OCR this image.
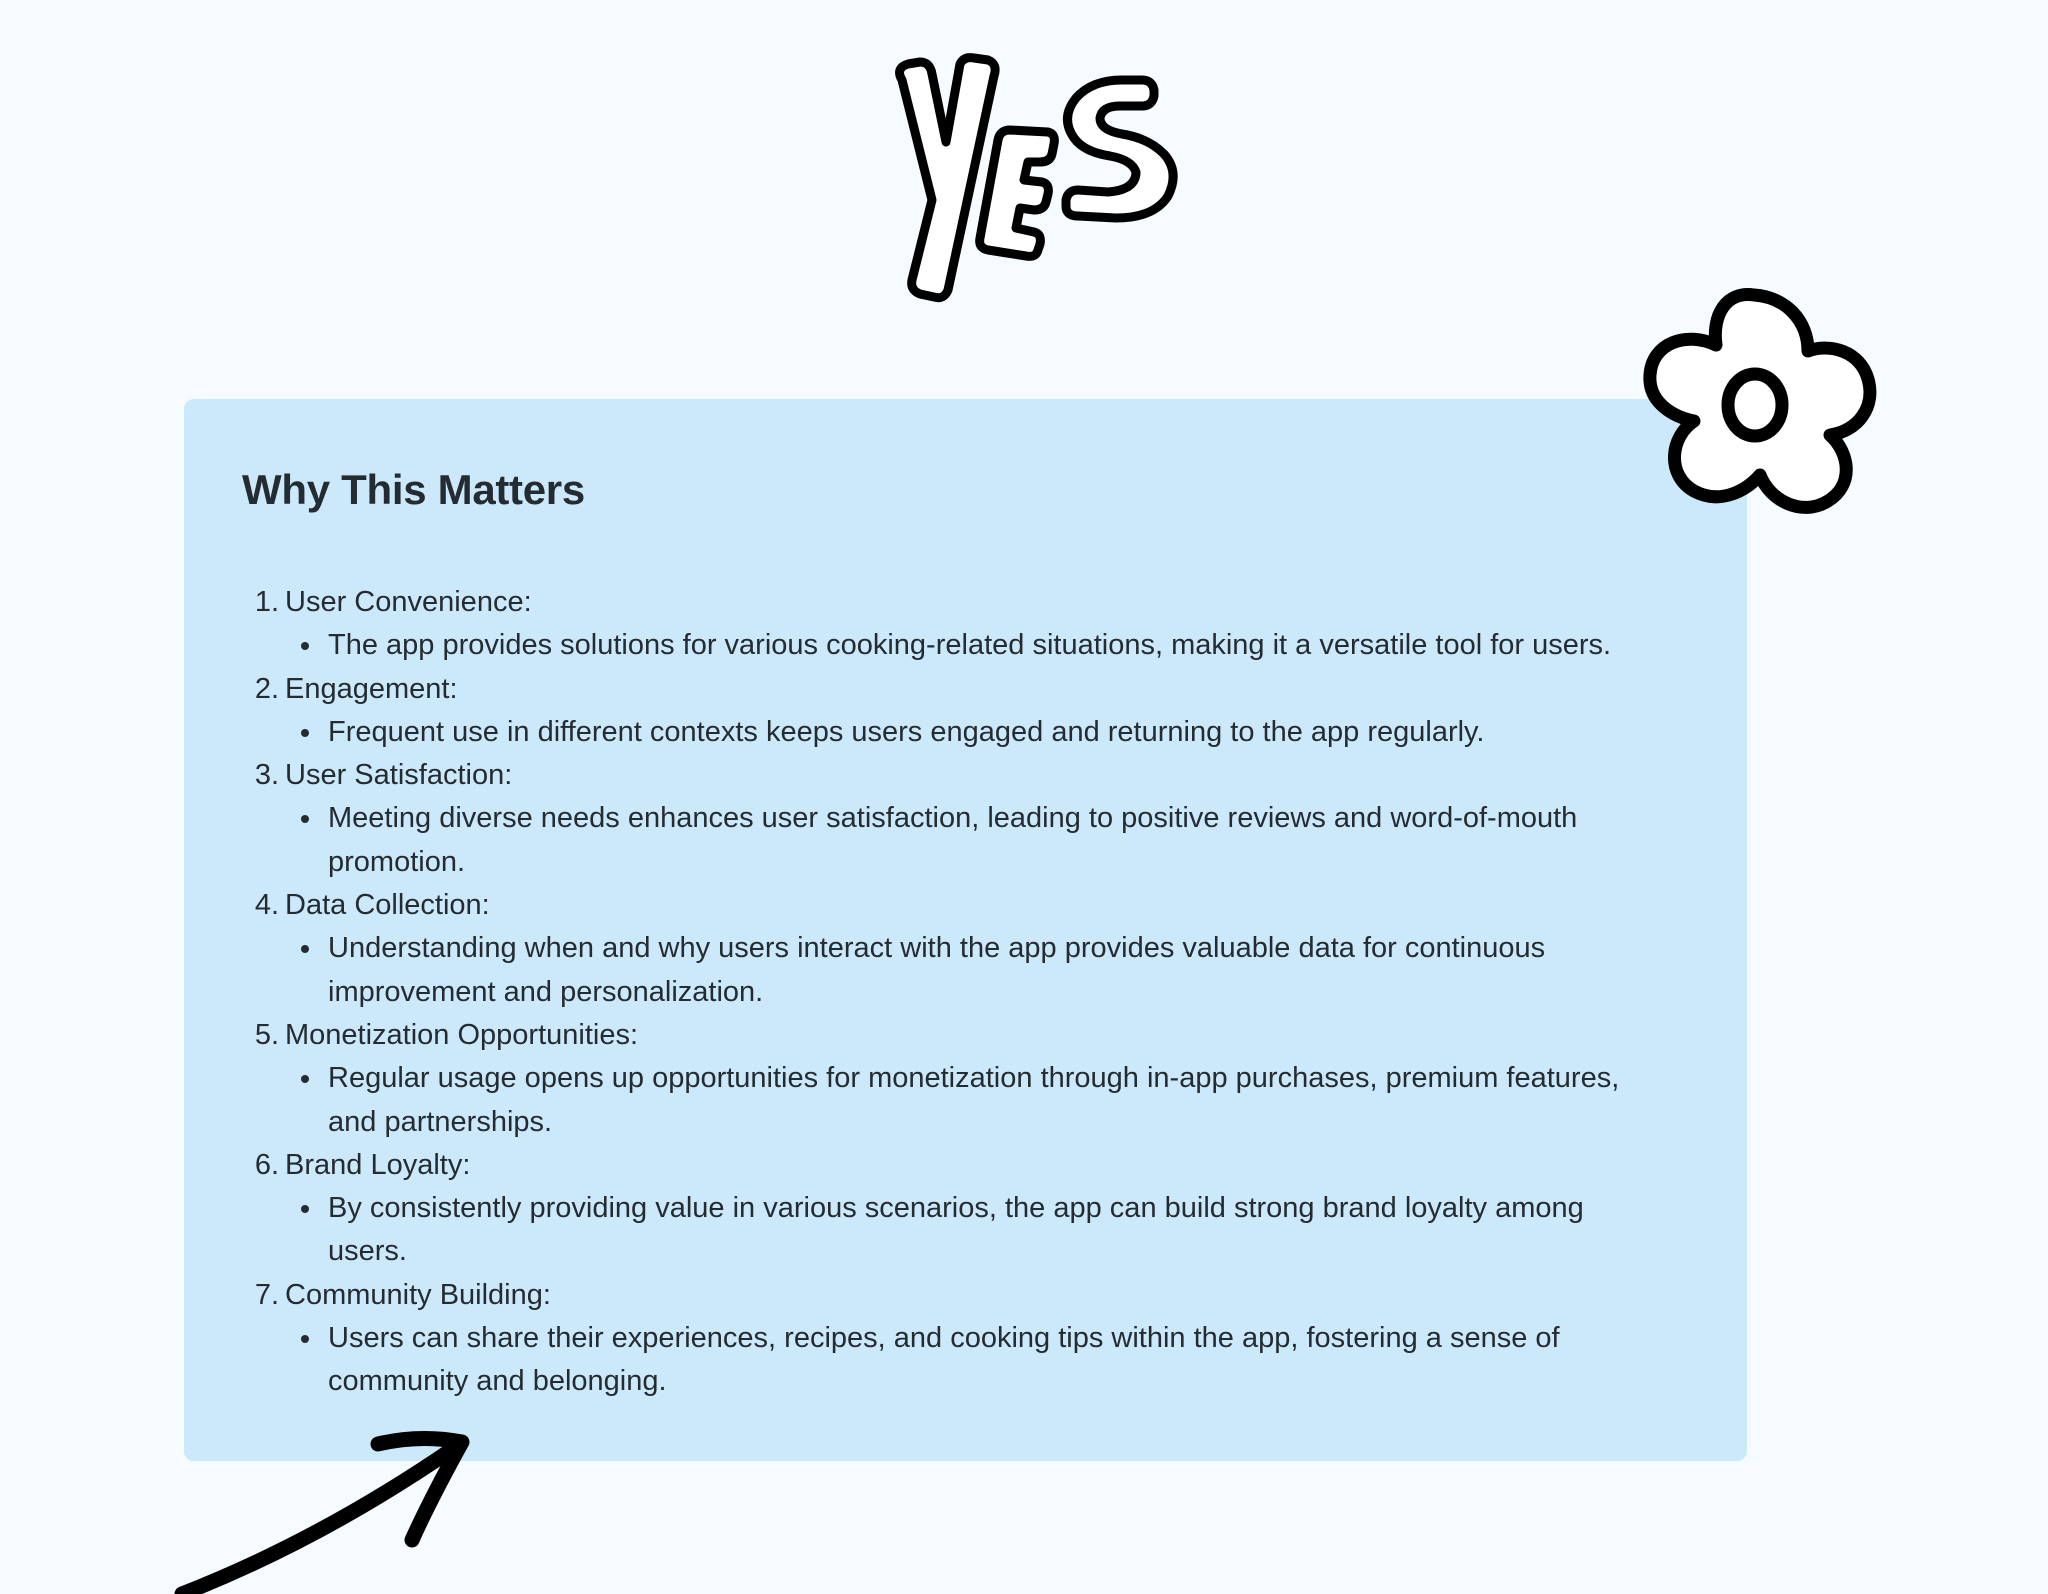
Why This Matters
1. User Convenience:
The app provides solutions for various cooking-related situations, making it a versatile tool for users.
2. Engagement:
Frequent use in different contexts keeps users engaged and returning to the app regularly.
3. User Satisfaction:
Meeting diverse needs enhances user satisfaction, leading to positive reviews and word-of-mouth promotion.
4. Data Collection:
Understanding when and why users interact with the app provides valuable data for continuous improvement and personalization.
5. Monetization Opportunities:
Regular usage opens up opportunities for monetization through in-app purchases, premium features, and partnerships.
6. Brand Loyalty:
By consistently providing value in various scenarios, the app can build strong brand loyalty among users.
7. Community Building:
Users can share their experiences, recipes, and cooking tips within the app, fostering a sense of community and belonging.
